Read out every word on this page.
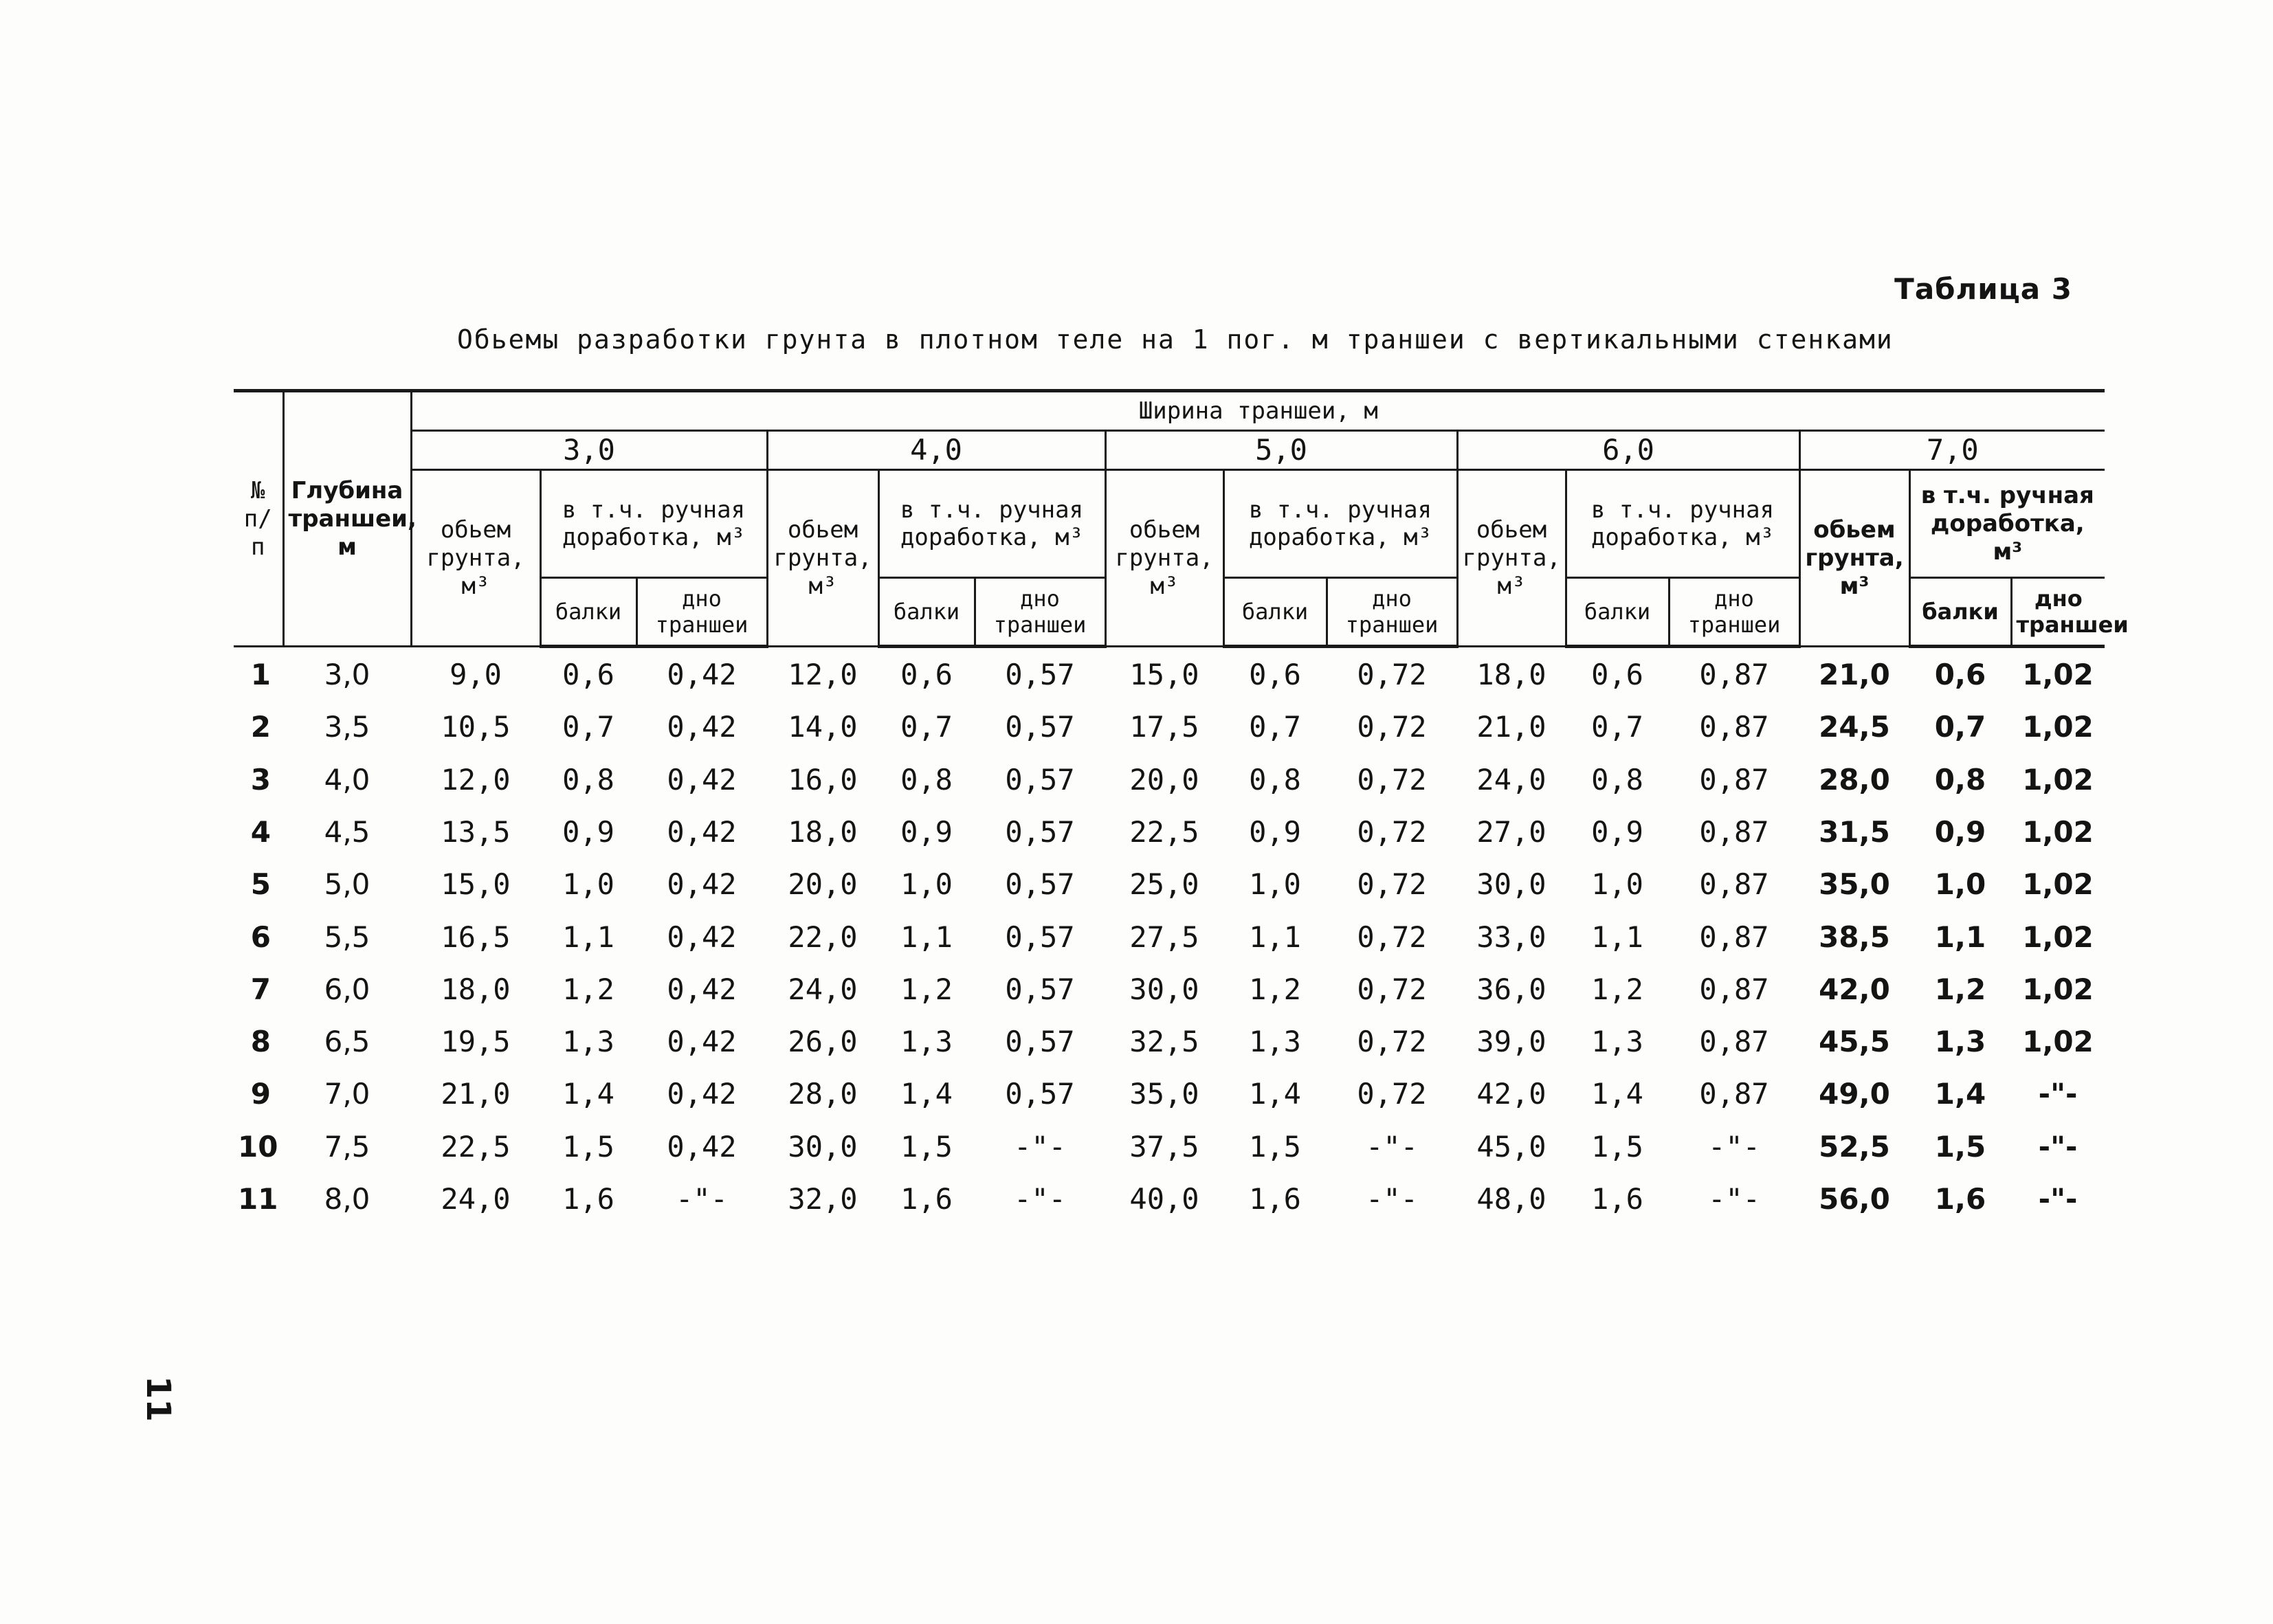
Таблица 3
Обьемы разработки грунта в плотном теле на 1 пог. м траншеи с вертикальными стенками
№ п/п	Глубина траншеи, м	Ширина траншеи, м														
		3,0			4,0			5,0			6,0			7,0		
		обьем грунта, м³	в т.ч. ручная доработка, м³		обьем грунта, м³	в т.ч. ручная доработка, м³		обьем грунта, м³	в т.ч. ручная доработка, м³		обьем грунта, м³	в т.ч. ручная доработка, м³		обьем грунта, м³	в т.ч. ручная доработка, м³	
			балки	дно траншеи		балки	дно траншеи		балки	дно траншеи		балки	дно траншеи		балки	дно траншеи
1	3,0	9,0	0,6	0,42	12,0	0,6	0,57	15,0	0,6	0,72	18,0	0,6	0,87	21,0	0,6	1,02
2	3,5	10,5	0,7	0,42	14,0	0,7	0,57	17,5	0,7	0,72	21,0	0,7	0,87	24,5	0,7	1,02
3	4,0	12,0	0,8	0,42	16,0	0,8	0,57	20,0	0,8	0,72	24,0	0,8	0,87	28,0	0,8	1,02
4	4,5	13,5	0,9	0,42	18,0	0,9	0,57	22,5	0,9	0,72	27,0	0,9	0,87	31,5	0,9	1,02
5	5,0	15,0	1,0	0,42	20,0	1,0	0,57	25,0	1,0	0,72	30,0	1,0	0,87	35,0	1,0	1,02
6	5,5	16,5	1,1	0,42	22,0	1,1	0,57	27,5	1,1	0,72	33,0	1,1	0,87	38,5	1,1	1,02
7	6,0	18,0	1,2	0,42	24,0	1,2	0,57	30,0	1,2	0,72	36,0	1,2	0,87	42,0	1,2	1,02
8	6,5	19,5	1,3	0,42	26,0	1,3	0,57	32,5	1,3	0,72	39,0	1,3	0,87	45,5	1,3	1,02
9	7,0	21,0	1,4	0,42	28,0	1,4	0,57	35,0	1,4	0,72	42,0	1,4	0,87	49,0	1,4	-"-
10	7,5	22,5	1,5	0,42	30,0	1,5	-"-	37,5	1,5	-"-	45,0	1,5	-"-	52,5	1,5	-"-
11	8,0	24,0	1,6	-"-	32,0	1,6	-"-	40,0	1,6	-"-	48,0	1,6	-"-	56,0	1,6	-"-
11
